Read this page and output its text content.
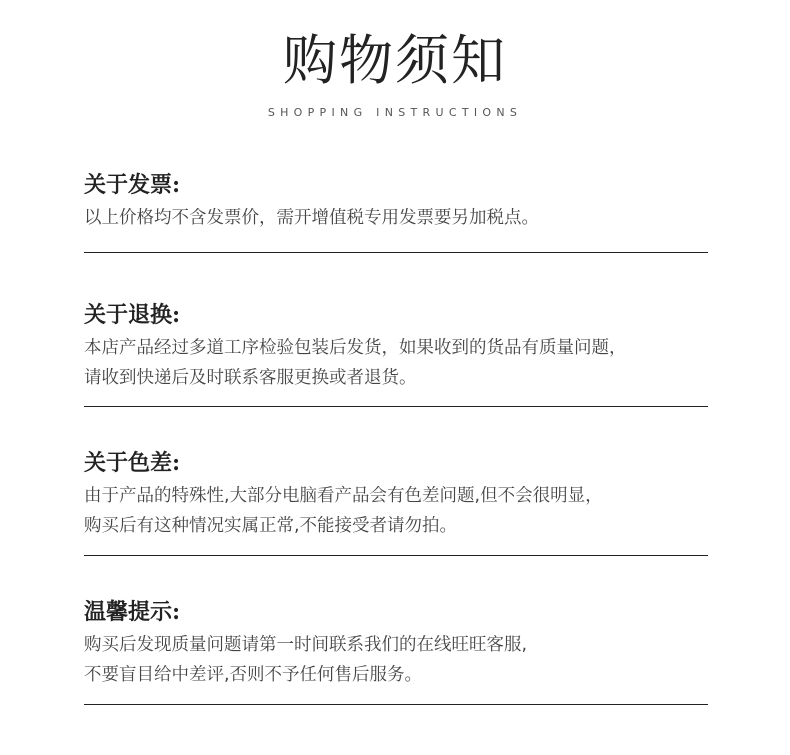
购物须知
SHOPPING INSTRUCTIONS
关于发票:
以上价格均不含发票价，需开增值税专用发票要另加税点。
关于退换:
本店产品经过多道工序检验包装后发货，如果收到的货品有质量问题，
请收到快递后及时联系客服更换或者退货。
关于色差:
由于产品的特殊性,大部分电脑看产品会有色差问题,但不会很明显，
购买后有这种情况实属正常,不能接受者请勿拍。
温馨提示:
购买后发现质量问题请第一时间联系我们的在线旺旺客服,
不要盲目给中差评,否则不予任何售后服务。
